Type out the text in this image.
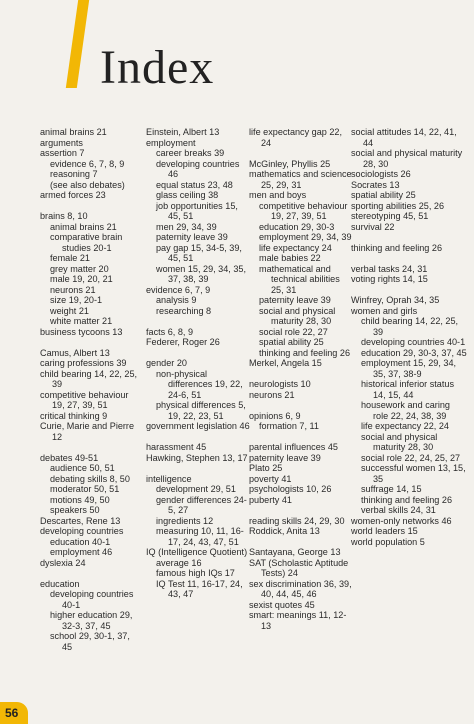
Index
animal brains 21
arguments
assertion 7
evidence 6, 7, 8, 9
reasoning 7
(see also debates)
armed forces 23
brains 8, 10
animal brains 21
comparative brain studies 20-1
female 21
grey matter 20
male 19, 20, 21
neurons 21
size 19, 20-1
weight 21
white matter 21
business tycoons 13
Camus, Albert 13
caring professions 39
child bearing 14, 22, 25, 39
competitive behaviour 19, 27, 39, 51
critical thinking 9
Curie, Marie and Pierre 12
debates 49-51
audience 50, 51
debating skills 8, 50
moderator 50, 51
motions 49, 50
speakers 50
Descartes, Rene 13
developing countries
education 40-1
employment 46
dyslexia 24
education
developing countries 40-1
higher education 29, 32-3, 37, 45
school 29, 30-1, 37, 45
Einstein, Albert 13
employment
career breaks 39
developing countries 46
equal status 23, 48
glass ceiling 38
job opportunities 15, 45, 51
men 29, 34, 39
paternity leave 39
pay gap 15, 34-5, 39, 45, 51
women 15, 29, 34, 35, 37, 38, 39
evidence 6, 7, 9
analysis 9
researching 8
facts 6, 8, 9
Federer, Roger 26
gender 20
non-physical differences 19, 22, 24-6, 51
physical differences 5, 19, 22, 23, 51
government legislation 46
harassment 45
Hawking, Stephen 13, 17
intelligence
development 29, 51
gender differences 24-5, 27
ingredients 12
measuring 10, 11, 16-17, 24, 43, 47, 51
IQ (Intelligence Quotient)
average 16
famous high IQs 17
IQ Test 11, 16-17, 24, 43, 47
life expectancy gap 22, 24
McGinley, Phyllis 25
mathematics and science 25, 29, 31
men and boys
competitive behaviour 19, 27, 39, 51
education 29, 30-3
employment 29, 34, 39
life expectancy 24
male babies 22
mathematical and technical abilities 25, 31
paternity leave 39
social and physical maturity 28, 30
social role 22, 27
spatial ability 25
thinking and feeling 26
Merkel, Angela 15
neurologists 10
neurons 21
opinions 6, 9
formation 7, 11
parental influences 45
paternity leave 39
Plato 25
poverty 41
psychologists 10, 26
puberty 41
reading skills 24, 29, 30
Roddick, Anita 13
Santayana, George 13
SAT (Scholastic Aptitude Tests) 24
sex discrimination 36, 39, 40, 44, 45, 46
sexist quotes 45
smart: meanings 11, 12-13
social attitudes 14, 22, 41, 44
social and physical maturity 28, 30
sociologists 26
Socrates 13
spatial ability 25
sporting abilities 25, 26
stereotyping 45, 51
survival 22
thinking and feeling 26
verbal tasks 24, 31
voting rights 14, 15
Winfrey, Oprah 34, 35
women and girls
child bearing 14, 22, 25, 39
developing countries 40-1
education 29, 30-3, 37, 45
employment 15, 29, 34, 35, 37, 38-9
historical inferior status 14, 15, 44
housework and caring role 22, 24, 38, 39
life expectancy 22, 24
social and physical maturity 28, 30
social role 22, 24, 25, 27
successful women 13, 15, 35
suffrage 14, 15
thinking and feeling 26
verbal skills 24, 31
women-only networks 46
world leaders 15
world population 5
56
